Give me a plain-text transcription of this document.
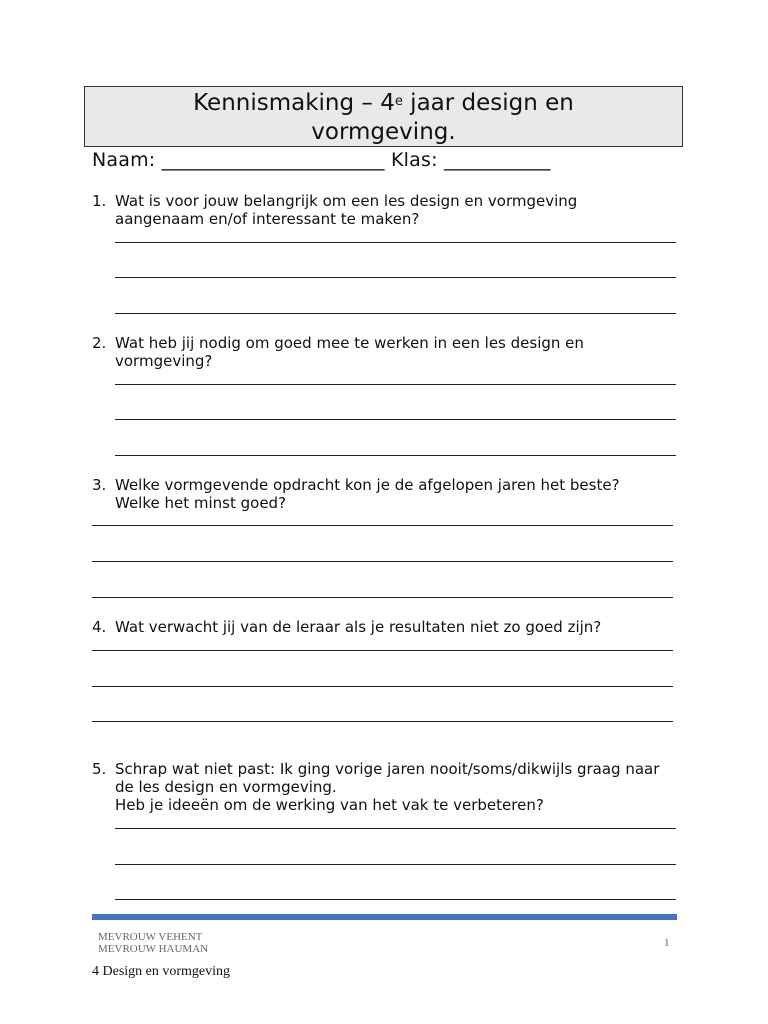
Kennismaking – 4e jaar design en
vormgeving.
Naam: _______________________ Klas: ___________
1. Wat is voor jouw belangrijk om een les design en vormgeving
aangenaam en/of interessant te maken?
2. Wat heb jij nodig om goed mee te werken in een les design en
vormgeving?
3. Welke vormgevende opdracht kon je de afgelopen jaren het beste?
Welke het minst goed?
4. Wat verwacht jij van de leraar als je resultaten niet zo goed zijn?
5. Schrap wat niet past: Ik ging vorige jaren nooit/soms/dikwijls graag naar
de les design en vormgeving.
Heb je ideeën om de werking van het vak te verbeteren?
MEVROUW VEHENT
MEVROUW HAUMAN	1
4 Design en vormgeving
